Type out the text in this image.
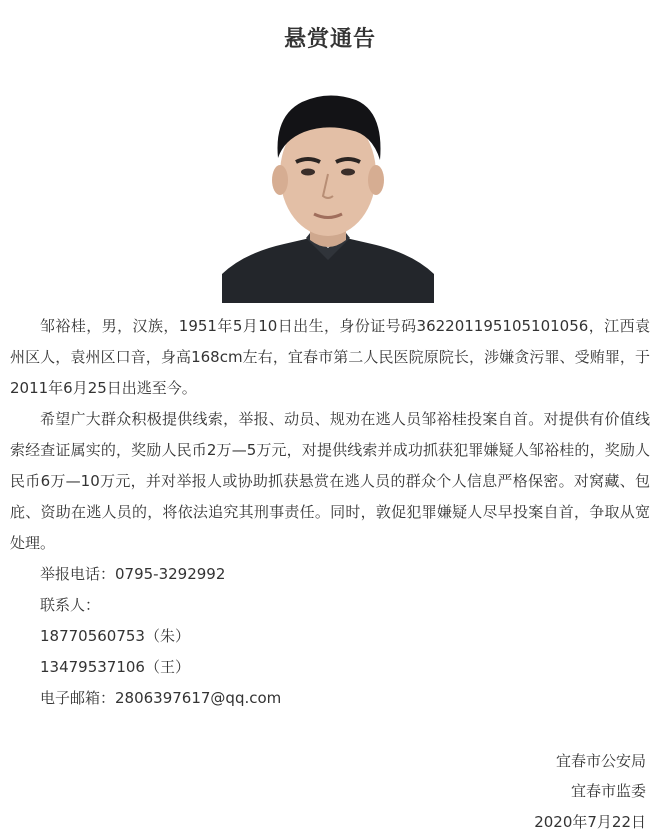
悬赏通告

邹裕桂，男，汉族，1951年5月10日出生，身份证号码362201195105101056，江西袁州区人，袁州区口音，身高168cm左右，宜春市第二人民医院原院长，涉嫌贪污罪、受贿罪，于2011年6月25日出逃至今。

希望广大群众积极提供线索，举报、动员、规劝在逃人员邹裕桂投案自首。对提供有价值线索经查证属实的，奖励人民币2万—5万元，对提供线索并成功抓获犯罪嫌疑人邹裕桂的，奖励人民币6万—10万元，并对举报人或协助抓获悬赏在逃人员的群众个人信息严格保密。对窝藏、包庇、资助在逃人员的，将依法追究其刑事责任。同时，敦促犯罪嫌疑人尽早投案自首，争取从宽处理。

举报电话：0795-3292992

联系人：

18770560753（朱）

13479537106（王）

电子邮箱：2806397617@qq.com

宜春市公安局
宜春市监委
2020年7月22日
